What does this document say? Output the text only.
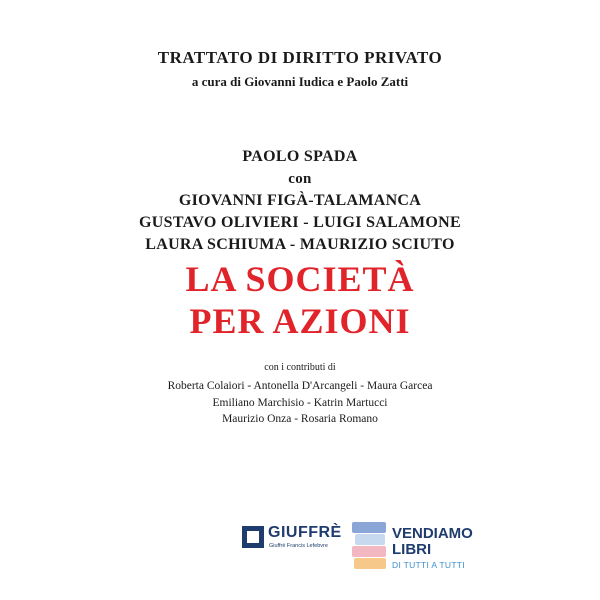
TRATTATO DI DIRITTO PRIVATO
a cura di Giovanni Iudica e Paolo Zatti
PAOLO SPADA
con
GIOVANNI FIGÀ-TALAMANCA
GUSTAVO OLIVIERI - LUIGI SALAMONE
LAURA SCHIUMA - MAURIZIO SCIUTO
LA SOCIETÀ
PER AZIONI
con i contributi di
Roberta Colaiori - Antonella D'Arcangeli - Maura Garcea
Emiliano Marchisio - Katrin Martucci
Maurizio Onza - Rosaria Romano
GIUFFRÈ
Giuffrè Francis Lefebvre
VENDIAMO
LIBRI
DI TUTTI A TUTTI
